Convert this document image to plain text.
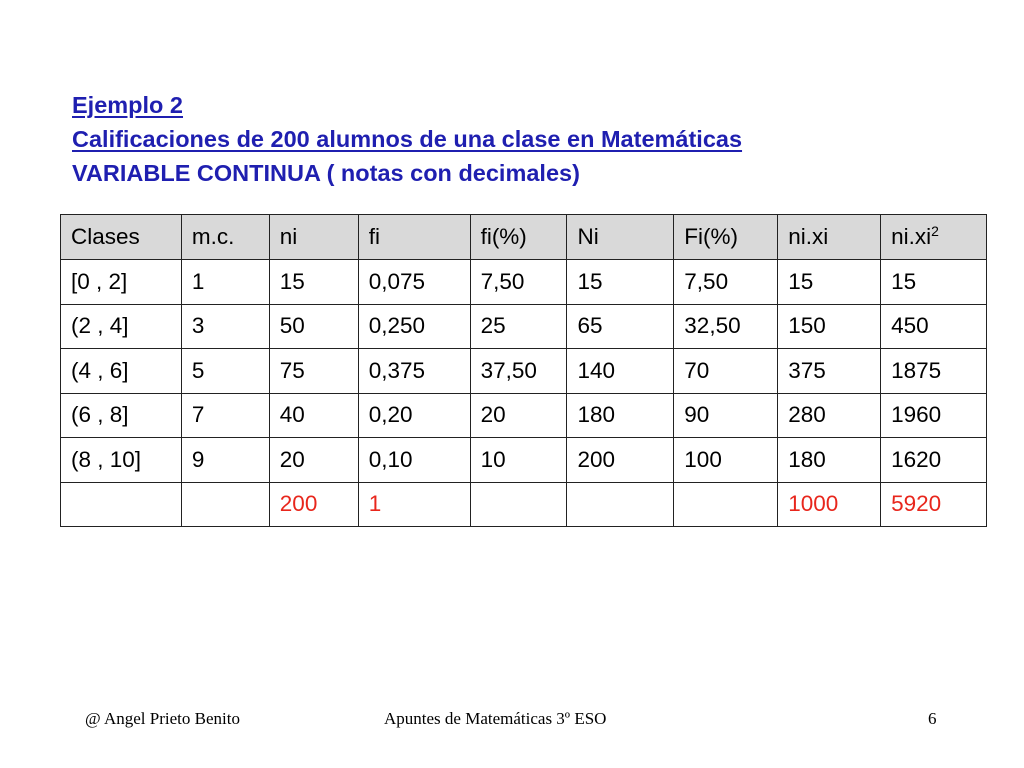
Ejemplo 2
Calificaciones de 200 alumnos de una clase en Matemáticas
VARIABLE CONTINUA ( notas con decimales)
Clases	m.c.	ni	fi	fi(%)	Ni	Fi(%)	ni.xi	$ni.xi^2$
[0 , 2]	1	15	0,075	7,50	15	7,50	15	15
(2 , 4]	3	50	0,250	25	65	32,50	150	450
(4 , 6]	5	75	0,375	37,50	140	70	375	1875
(6 , 8]	7	40	0,20	20	180	90	280	1960
(8 , 10]	9	20	0,10	10	200	100	180	1620
		200	1				1000	5920
@ Angel Prieto Benito	Apuntes de Matemáticas 3º ESO	6
